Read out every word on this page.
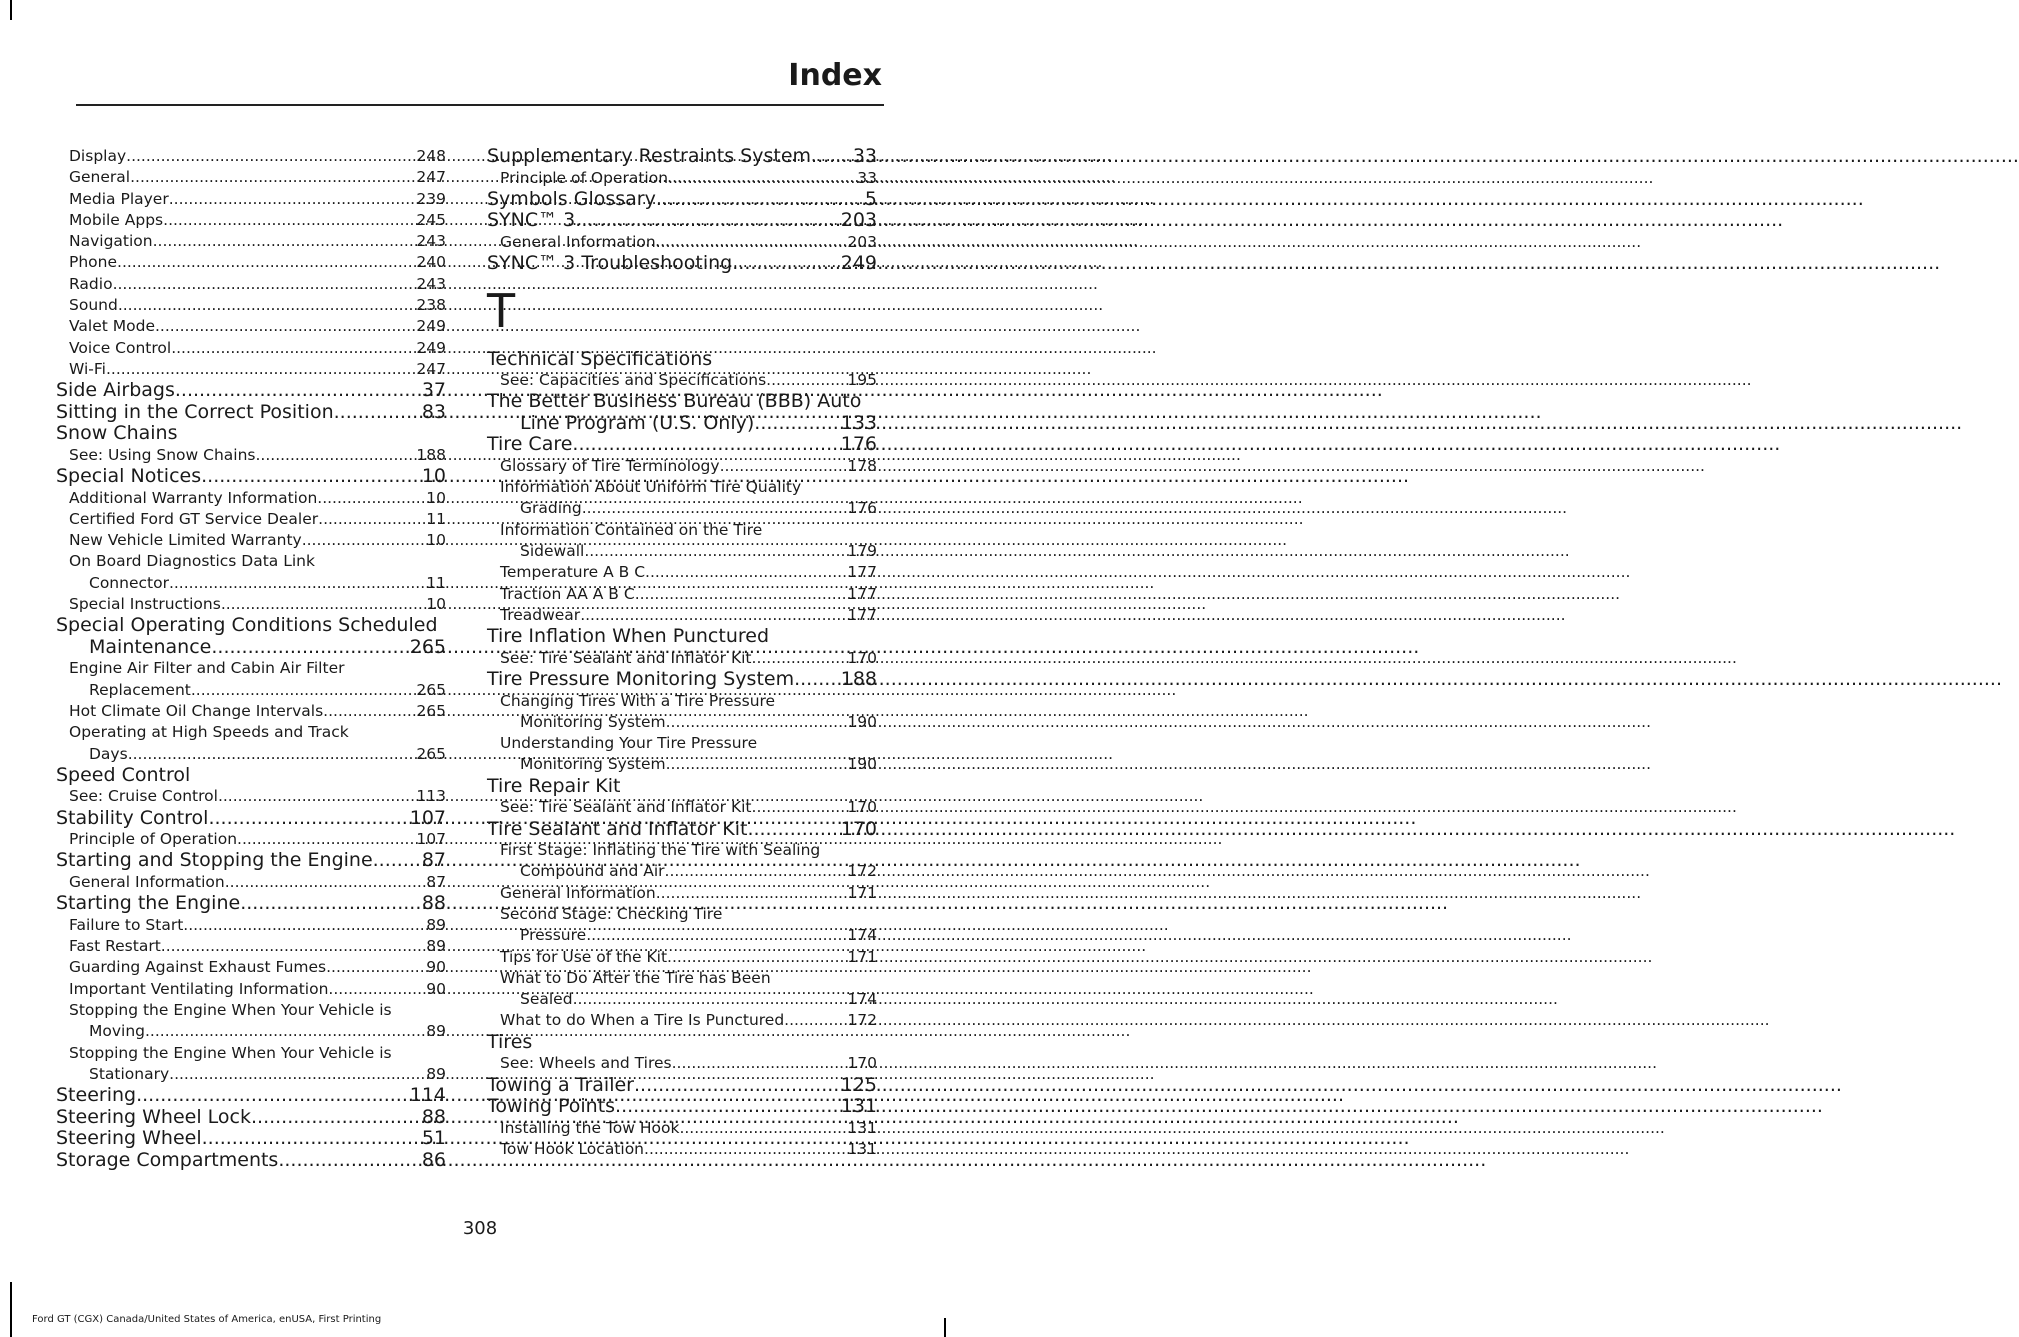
Index
Display .....	248
General .....	247
Media Player .....	239
Mobile Apps .....	245
Navigation .....	243
Phone .....	240
Radio .....	243
Sound .....	238
Valet Mode .....	249
Voice Control .....	249
Wi-Fi .....	247
Side Airbags .....	37
Sitting in the Correct Position .....	83
Snow Chains
See: Using Snow Chains .....	188
Special Notices .....	10
Additional Warranty Information .....	10
Certified Ford GT Service Dealer .....	11
New Vehicle Limited Warranty .....	10
On Board Diagnostics Data Link
Connector .....	11
Special Instructions .....	10
Special Operating Conditions Scheduled
Maintenance .....	265
Engine Air Filter and Cabin Air Filter
Replacement .....	265
Hot Climate Oil Change Intervals .....	265
Operating at High Speeds and Track
Days .....	265
Speed Control
See: Cruise Control .....	113
Stability Control .....	107
Principle of Operation .....	107
Starting and Stopping the Engine .....	87
General Information .....	87
Starting the Engine .....	88
Failure to Start .....	89
Fast Restart .....	89
Guarding Against Exhaust Fumes .....	90
Important Ventilating Information .....	90
Stopping the Engine When Your Vehicle is
Moving .....	89
Stopping the Engine When Your Vehicle is
Stationary .....	89
Steering .....	114
Steering Wheel Lock .....	88
Steering Wheel .....	51
Storage Compartments .....	86
Supplementary Restraints System ..... 33
Principle of Operation .....	33
Symbols Glossary .....	5
SYNC™ 3 .....	203
General Information .....	203
SYNC™ 3 Troubleshooting .....	249
T
Technical Specifications
See: Capacities and Specifications .....	195
The Better Business Bureau (BBB) Auto
Line Program (U.S. Only) .....	133
Tire Care .....	176
Glossary of Tire Terminology .....	178
Information About Uniform Tire Quality
Grading .....	176
Information Contained on the Tire
Sidewall .....	179
Temperature A B C .....	177
Traction AA A B C .....	177
Treadwear .....	177
Tire Inflation When Punctured
See: Tire Sealant and Inflator Kit .....	170
Tire Pressure Monitoring System ..... 188
Changing Tires With a Tire Pressure
Monitoring System .....	190
Understanding Your Tire Pressure
Monitoring System .....	190
Tire Repair Kit
See: Tire Sealant and Inflator Kit .....	170
Tire Sealant and Inflator Kit .....	170
First Stage: Inflating the Tire with Sealing
Compound and Air .....	172
General Information .....	171
Second Stage: Checking Tire
Pressure .....	174
Tips for Use of the Kit .....	171
What to Do After the Tire has Been
Sealed .....	174
What to do When a Tire Is Punctured .....	172
Tires
See: Wheels and Tires .....	170
Towing a Trailer .....	125
Towing Points .....	131
Installing the Tow Hook .....	131
Tow Hook Location .....	131
308
Ford GT (CGX) Canada/United States of America, enUSA, First Printing
